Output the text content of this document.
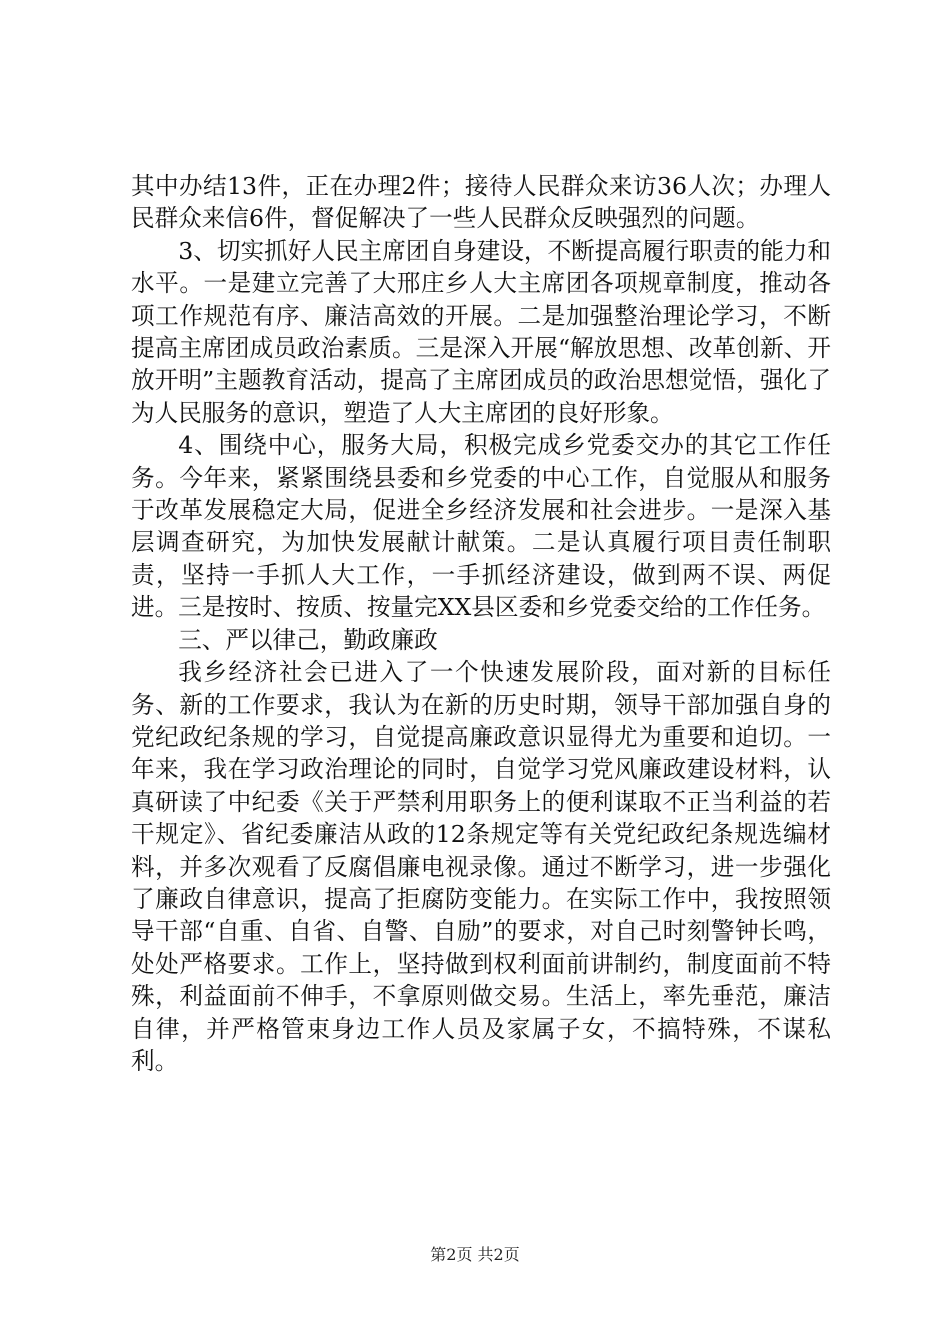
其中办结13件，正在办理2件；接待人民群众来访36人次；办理人民群众来信6件，督促解决了一些人民群众反映强烈的问题。

3、切实抓好人民主席团自身建设，不断提高履行职责的能力和水平。一是建立完善了大邢庄乡人大主席团各项规章制度，推动各项工作规范有序、廉洁高效的开展。二是加强整治理论学习，不断提高主席团成员政治素质。三是深入开展“解放思想、改革创新、开放开明”主题教育活动，提高了主席团成员的政治思想觉悟，强化了为人民服务的意识，塑造了人大主席团的良好形象。

4、围绕中心，服务大局，积极完成乡党委交办的其它工作任务。今年来，紧紧围绕县委和乡党委的中心工作，自觉服从和服务于改革发展稳定大局，促进全乡经济发展和社会进步。一是深入基层调查研究，为加快发展献计献策。二是认真履行项目责任制职责，坚持一手抓人大工作，一手抓经济建设，做到两不误、两促进。三是按时、按质、按量完XX县区委和乡党委交给的工作任务。

三、严以律己，勤政廉政

我乡经济社会已进入了一个快速发展阶段，面对新的目标任务、新的工作要求，我认为在新的历史时期，领导干部加强自身的党纪政纪条规的学习，自觉提高廉政意识显得尤为重要和迫切。一年来，我在学习政治理论的同时，自觉学习党风廉政建设材料，认真研读了中纪委《关于严禁利用职务上的便利谋取不正当利益的若干规定》、省纪委廉洁从政的12条规定等有关党纪政纪条规选编材料，并多次观看了反腐倡廉电视录像。通过不断学习，进一步强化了廉政自律意识，提高了拒腐防变能力。在实际工作中，我按照领导干部“自重、自省、自警、自励”的要求，对自己时刻警钟长鸣，处处严格要求。工作上，坚持做到权利面前讲制约，制度面前不特殊，利益面前不伸手，不拿原则做交易。生活上，率先垂范，廉洁自律，并严格管束身边工作人员及家属子女，不搞特殊，不谋私利。

第2页 共2页
